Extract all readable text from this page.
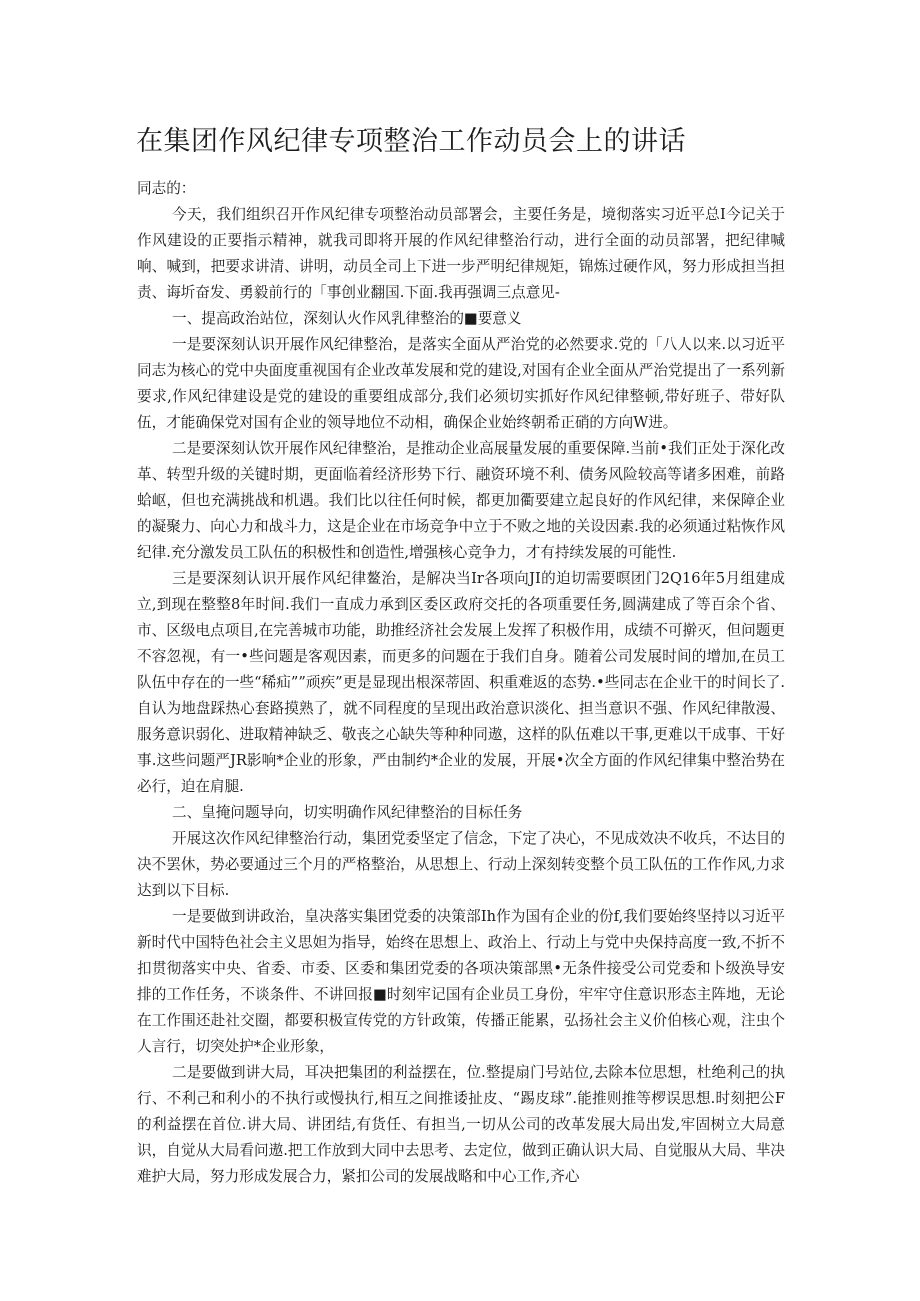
在集团作风纪律专项整治工作动员会上的讲话

同志的：

今天，我们组织召开作风纪律专项整治动员部署会，主要任务是，境彻落实习近平总I今记关于作风建设的正要指示精神，就我司即将开展的作风纪律整治行动，进行全面的动员部署，把纪律喊响、喊到，把要求讲清、讲明，动员全司上下进一步严明纪律规矩，锦炼过硬作风，努力形成担当担责、诲圻奋发、勇毅前行的「事创业翻国.下面.我再强调三点意见-

一、提高政治站位，深刻认火作风乳律整治的■要意义

一是要深刻认识开展作风纪律整治，是落实全面从严治党的必然要求.党的「八人以来.以习近平同志为核心的党中央面度重视国有企业改革发展和党的建设,对国有企业全面从严治党提出了一系列新要求,作风纪律建设是党的建设的重要组成部分,我们必须切实抓好作风纪律整顿,带好班子、带好队伍，才能确保党对国有企业的领导地位不动相，确保企业始终朝希正硝的方向W进。

二是要深刻认饮开展作风纪律整治，是推动企业高展量发展的重要保障.当前•我们正处于深化改革、转型升级的关键时期，更面临着经济形势下行、融资环境不利、债务风险较高等诸多困难，前路蛤岖，但也充满挑战和机遇。我们比以往任何时候，都更加衢要建立起良好的作风纪律，来保障企业的凝聚力、向心力和战斗力，这是企业在市场竞争中立于不败之地的关设因素.我的必须通过粘恢作风纪律.充分激发员工队伍的积极性和创造性,增强核心竞争力，才有持续发展的可能性.

三是要深刻认识开展作风纪律鳌治，是解决当Ir各项向JI的迫切需要暝团门2Q16年5月组建成立,到现在整整8年时间.我们一直成力承到区委区政府交托的各项重要任务,圆满建成了等百余个省、市、区级电点项目,在完善城市功能，助推经济社会发展上发挥了积极作用，成绩不可擀灭，但问题更不容忽视，有一•些问题是客观因素，而更多的问题在于我们自身。随着公司发展时间的增加,在员工队伍中存在的一些“稀疝””顽疾”更是显现出根深蒂固、积重难返的态势.•些同志在企业干的时间长了.自认为地盘踩热心套路摸熟了，就不同程度的呈现出政治意识淡化、担当意识不强、作风纪律散漫、服务意识弱化、进取精神缺乏、敬丧之心缺失等种种同遨，这样的队伍难以干事,更难以干成事、干好事.这些问题严JR影响*企业的形象，严由制约*企业的发展，开展•次全方面的作风纪律集中整治势在必行，迫在肩腿.

二、皇掩问题导向，切实明确作风纪律整治的目标任务

开展这次作风纪律整治行动，集团党委坚定了信念，下定了决心，不见成效决不收兵，不达目的决不罢休，势必要通过三个月的严格整治，从思想上、行动上深刻转变整个员工队伍的工作作风,力求达到以下目标.

一是要做到讲政治，皇决落实集团党委的决策部Ih作为国有企业的份f,我们要始终坚持以习近平新时代中国特色社会主义思妲为指导，始终在思想上、政治上、行动上与党中央保持高度一致,不折不扣贯彻落实中央、省委、市委、区委和集团党委的各项决策部黑•无条件接受公司党委和卜级涣导安排的工作任务，不谈条件、不讲回报■时刻牢记国有企业员工身份，牢牢守住意识形态主阵地，无论在工作围还赴社交圈，都要积极宣传党的方针政策，传播正能累，弘扬社会主义价伯核心观，注虫个人言行，切突处护*企业形象，

二是要做到讲大局，耳决把集团的利益摆在，位.整提扇门号站位,去除本位思想，杜绝利己的执行、不利己和利小的不执行或慢执行,相互之间推诿扯皮、“踢皮球”.能推则推等椤误思想.时刻把公F的利益摆在首位.讲大局、讲团结,有货任、有担当,一切从公司的改革发展大局出发,牢固树立大局意识，自觉从大局看问遨.把工作放到大同中去思考、去定位，做到正确认识大局、自觉服从大局、芈决难护大局，努力形成发展合力，紧扣公司的发展战略和中心工作,齐心
